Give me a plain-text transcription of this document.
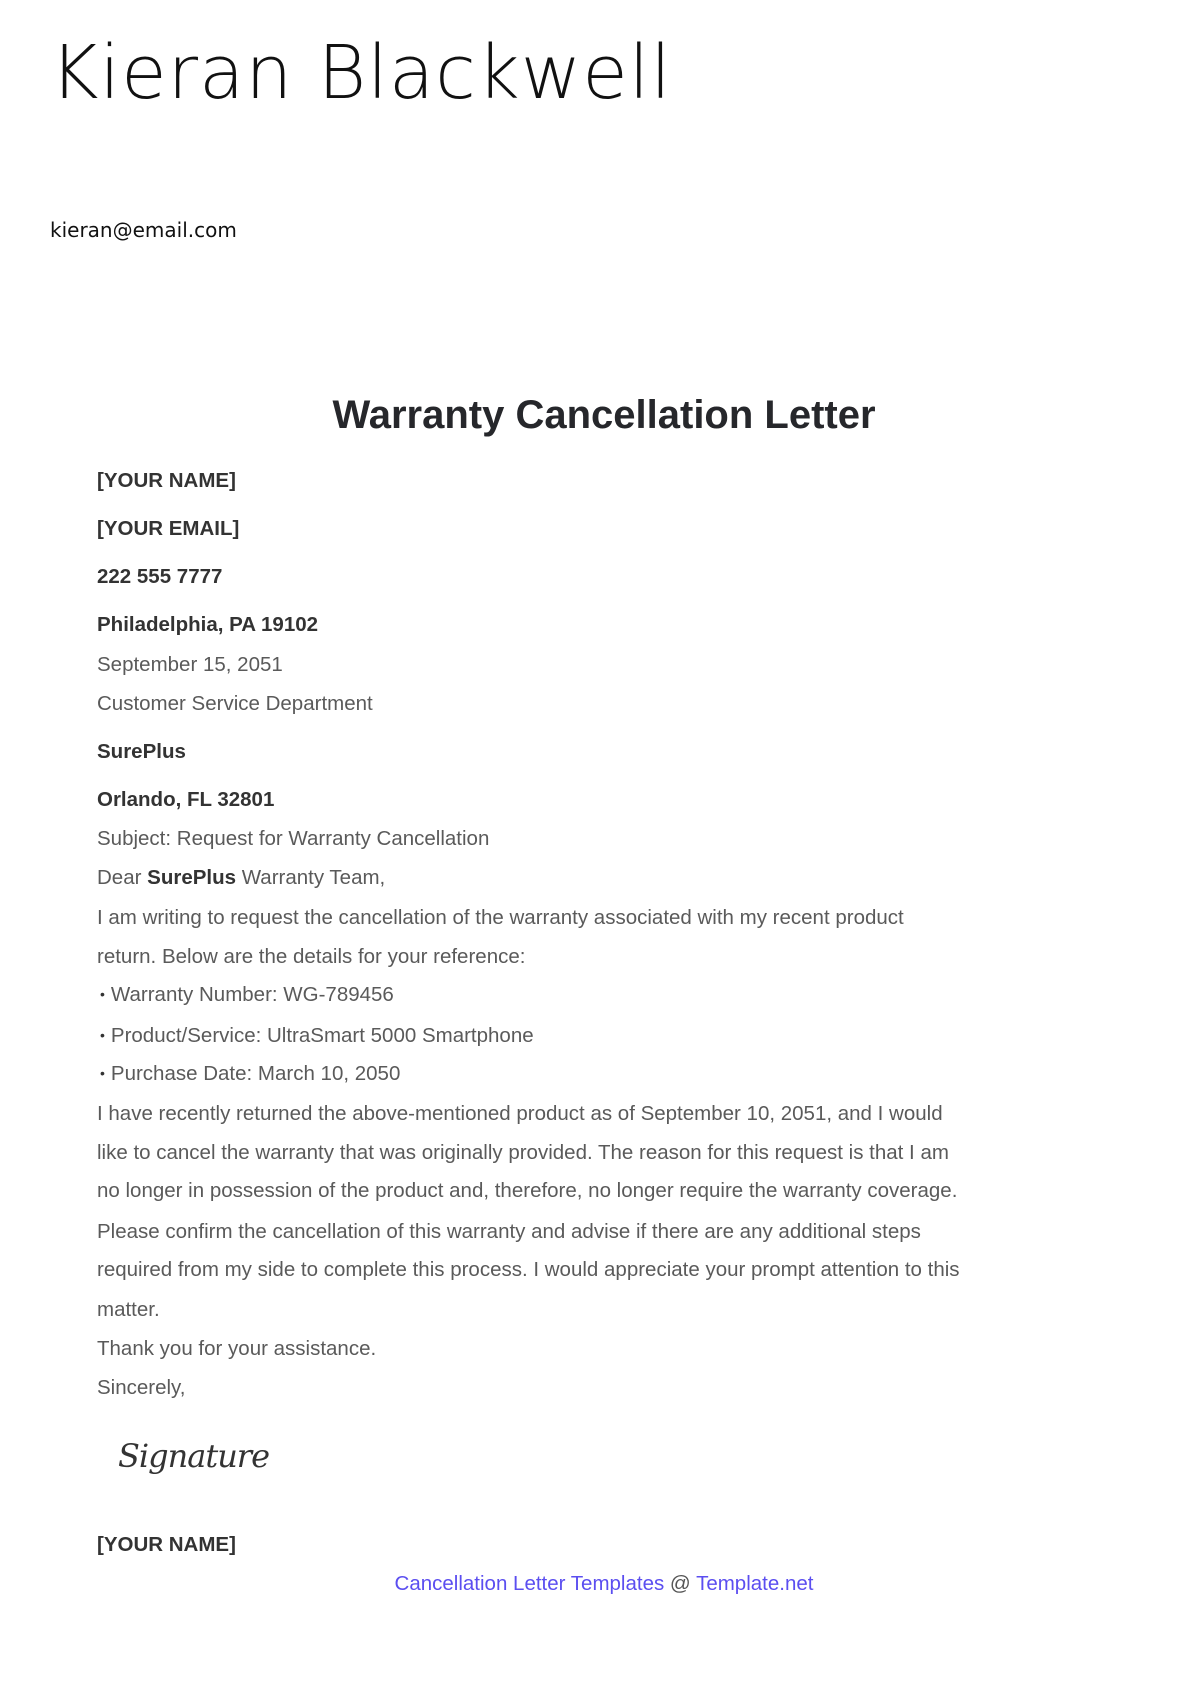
Kieran Blackwell
kieran@email.com
Warranty Cancellation Letter
[YOUR NAME]
[YOUR EMAIL]
222 555 7777
Philadelphia, PA 19102
September 15, 2051
Customer Service Department
SurePlus
Orlando, FL 32801
Subject: Request for Warranty Cancellation
Dear SurePlus Warranty Team,
I am writing to request the cancellation of the warranty associated with my recent product
return. Below are the details for your reference:
• Warranty Number: WG-789456
• Product/Service: UltraSmart 5000 Smartphone
• Purchase Date: March 10, 2050
I have recently returned the above-mentioned product as of September 10, 2051, and I would
like to cancel the warranty that was originally provided. The reason for this request is that I am
no longer in possession of the product and, therefore, no longer require the warranty coverage.
Please confirm the cancellation of this warranty and advise if there are any additional steps
required from my side to complete this process. I would appreciate your prompt attention to this
matter.
Thank you for your assistance.
Sincerely,
Signature
[YOUR NAME]
Cancellation Letter Templates @ Template.net
